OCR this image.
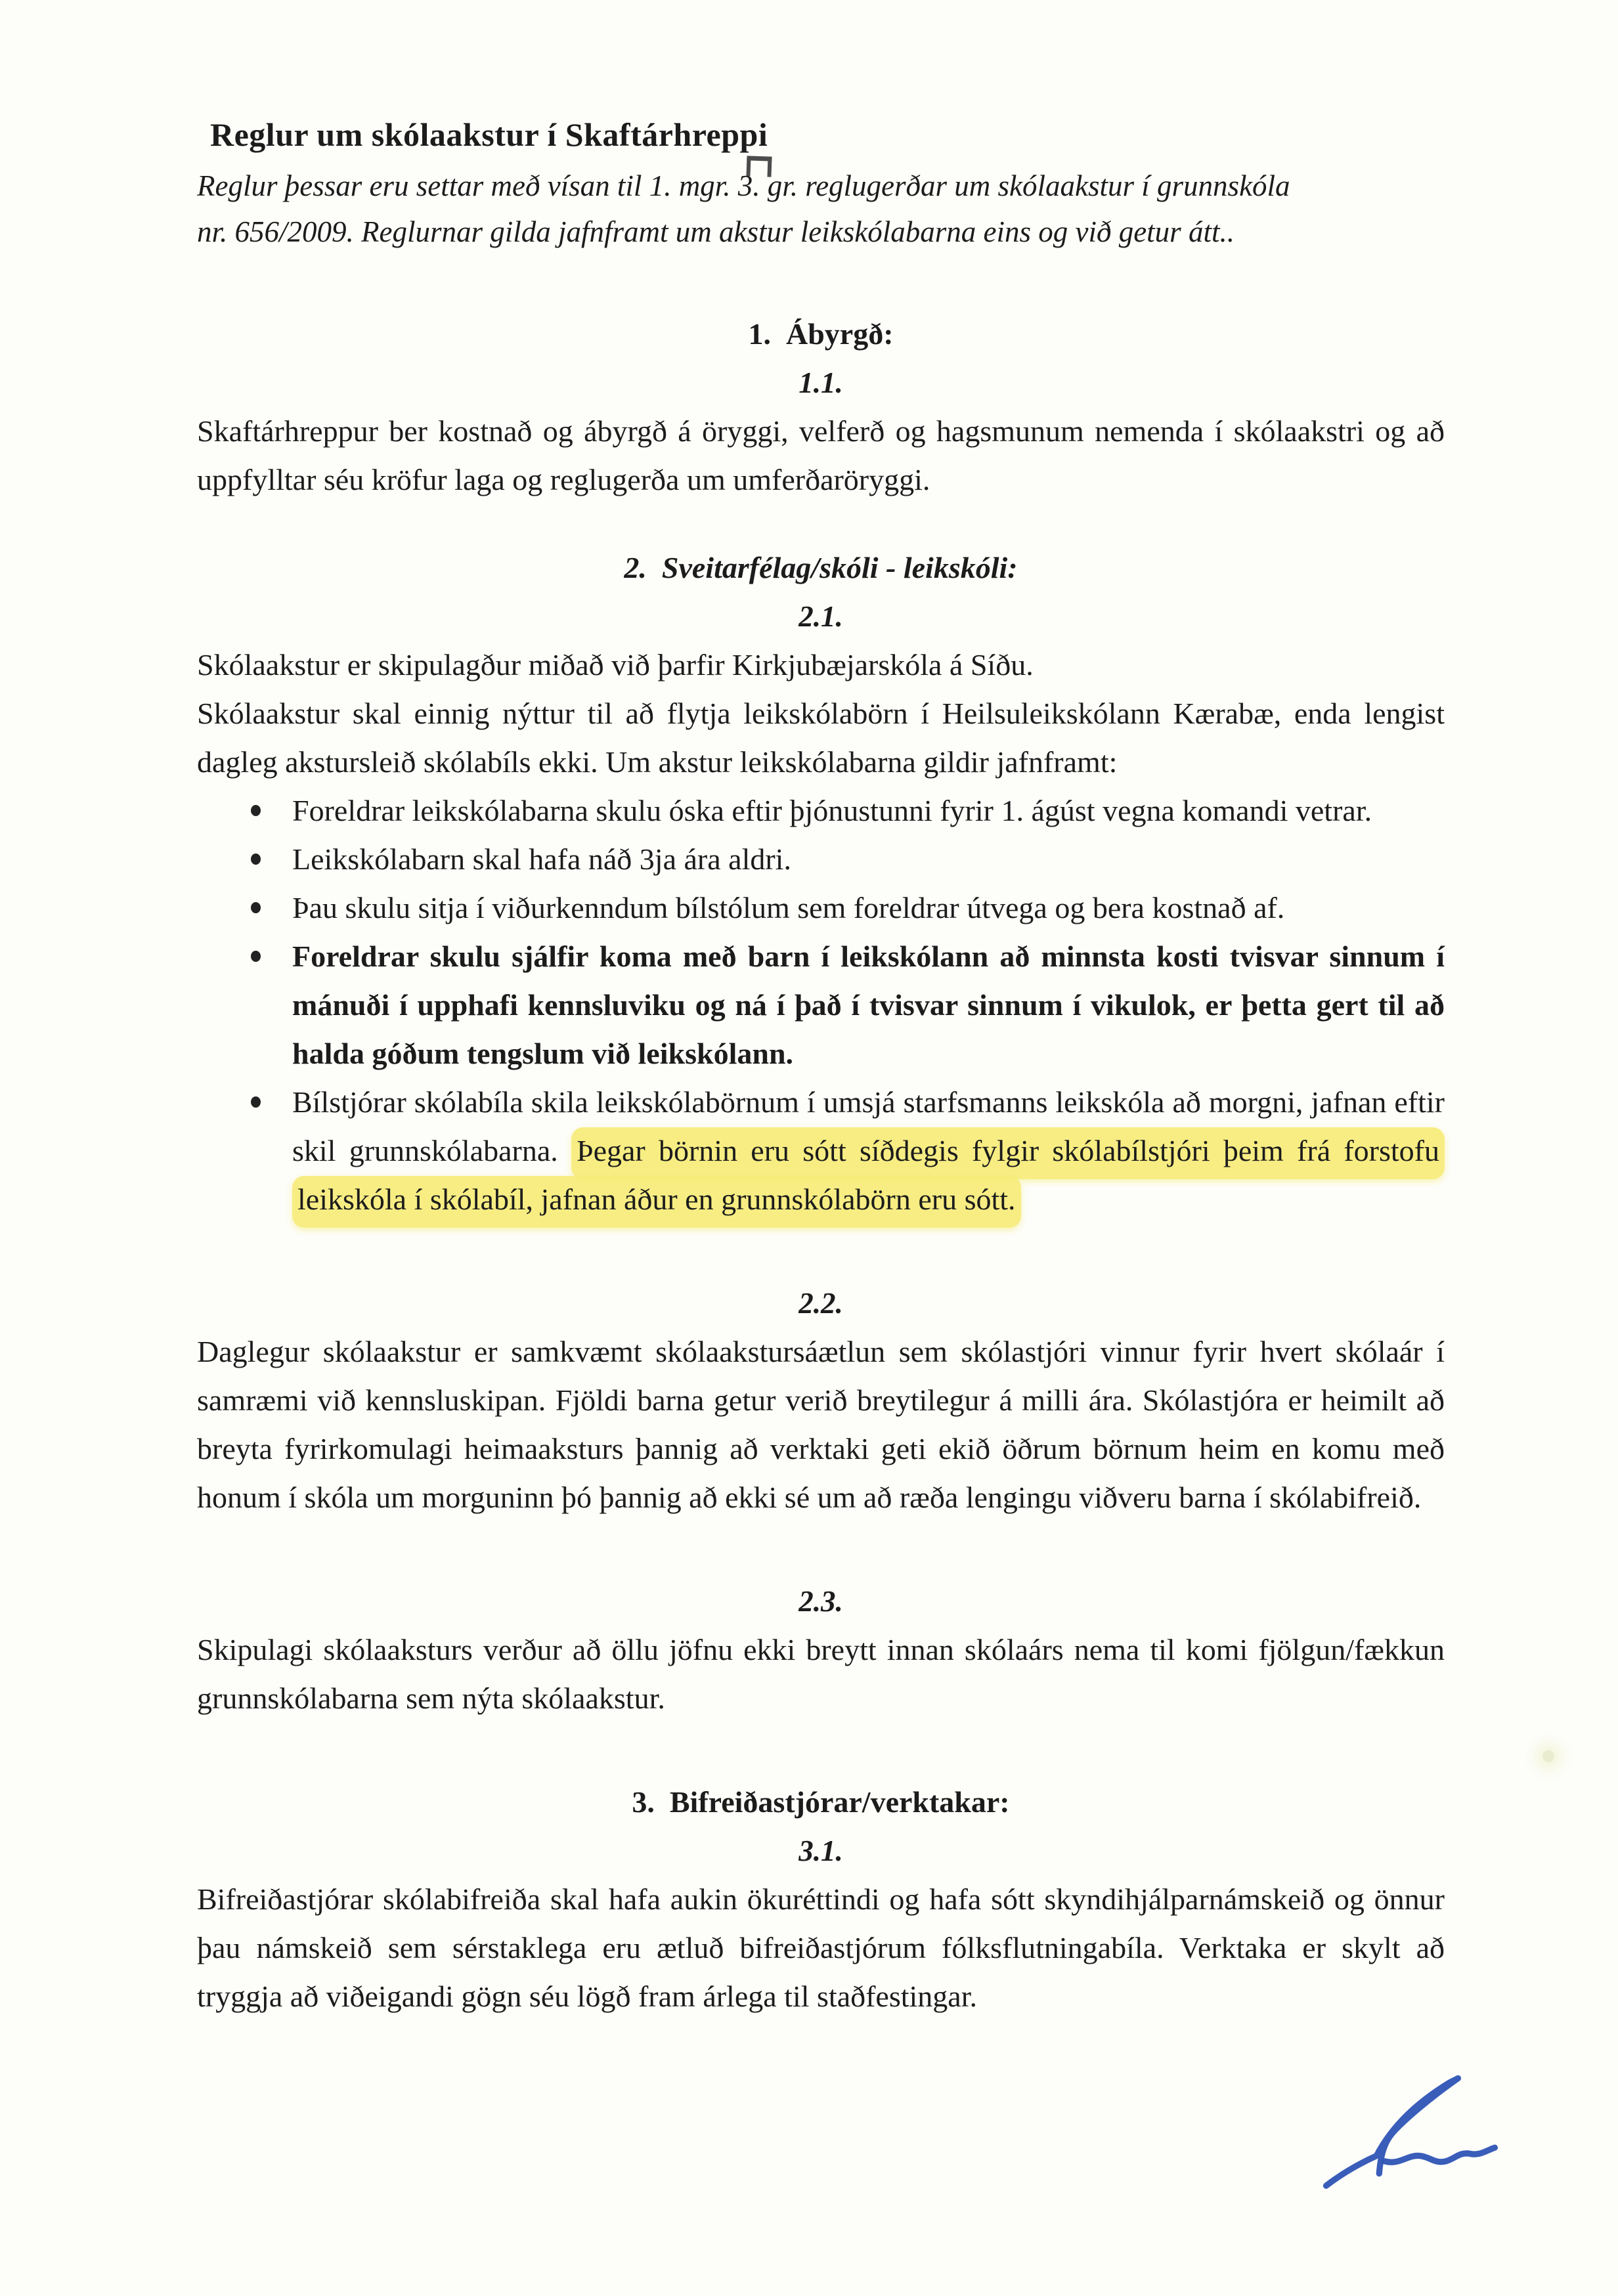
Reglur um skólaakstur í Skaftárhreppi
Reglur þessar eru settar með vísan til 1. mgr. 3. gr. reglugerðar um skólaakstur í grunnskóla
nr. 656/2009. Reglurnar gilda jafnframt um akstur leikskólabarna eins og við getur átt..
1.  Ábyrgð:
1.1.
Skaftárhreppur ber kostnað og ábyrgð á öryggi, velferð og hagsmunum nemenda í skólaakstri og að uppfylltar séu kröfur laga og reglugerða um umferðaröryggi.
2.  Sveitarfélag/skóli - leikskóli:
2.1.
Skólaakstur er skipulagður miðað við þarfir Kirkjubæjarskóla á Síðu.
Skólaakstur skal einnig nýttur til að flytja leikskólabörn í Heilsuleikskólann Kærabæ, enda lengist dagleg akstursleið skólabíls ekki. Um akstur leikskólabarna gildir jafnframt:
Foreldrar leikskólabarna skulu óska eftir þjónustunni fyrir 1. ágúst vegna komandi vetrar.
Leikskólabarn skal hafa náð 3ja ára aldri.
Þau skulu sitja í viðurkenndum bílstólum sem foreldrar útvega og bera kostnað af.
Foreldrar skulu sjálfir koma með barn í leikskólann að minnsta kosti tvisvar sinnum í mánuði í upphafi kennsluviku og ná í það í tvisvar sinnum í vikulok, er þetta gert til að halda góðum tengslum við leikskólann.
Bílstjórar skólabíla skila leikskólabörnum í umsjá starfsmanns leikskóla að morgni, jafnan eftir skil grunnskólabarna. Þegar börnin eru sótt síðdegis fylgir skólabílstjóri þeim frá forstofu leikskóla í skólabíl, jafnan áður en grunnskólabörn eru sótt.
2.2.
Daglegur skólaakstur er samkvæmt skólaakstursáætlun sem skólastjóri vinnur fyrir hvert skólaár í samræmi við kennsluskipan. Fjöldi barna getur verið breytilegur á milli ára. Skólastjóra er heimilt að breyta fyrirkomulagi heimaaksturs þannig að verktaki geti ekið öðrum börnum heim en komu með honum í skóla um morguninn þó þannig að ekki sé um að ræða lengingu viðveru barna í skólabifreið.
2.3.
Skipulagi skólaaksturs verður að öllu jöfnu ekki breytt innan skólaárs nema til komi fjölgun/fækkun grunnskólabarna sem nýta skólaakstur.
3.  Bifreiðastjórar/verktakar:
3.1.
Bifreiðastjórar skólabifreiða skal hafa aukin ökuréttindi og hafa sótt skyndihjálparnámskeið og önnur þau námskeið sem sérstaklega eru ætluð bifreiðastjórum fólksflutningabíla. Verktaka er skylt að tryggja að viðeigandi gögn séu lögð fram árlega til staðfestingar.
